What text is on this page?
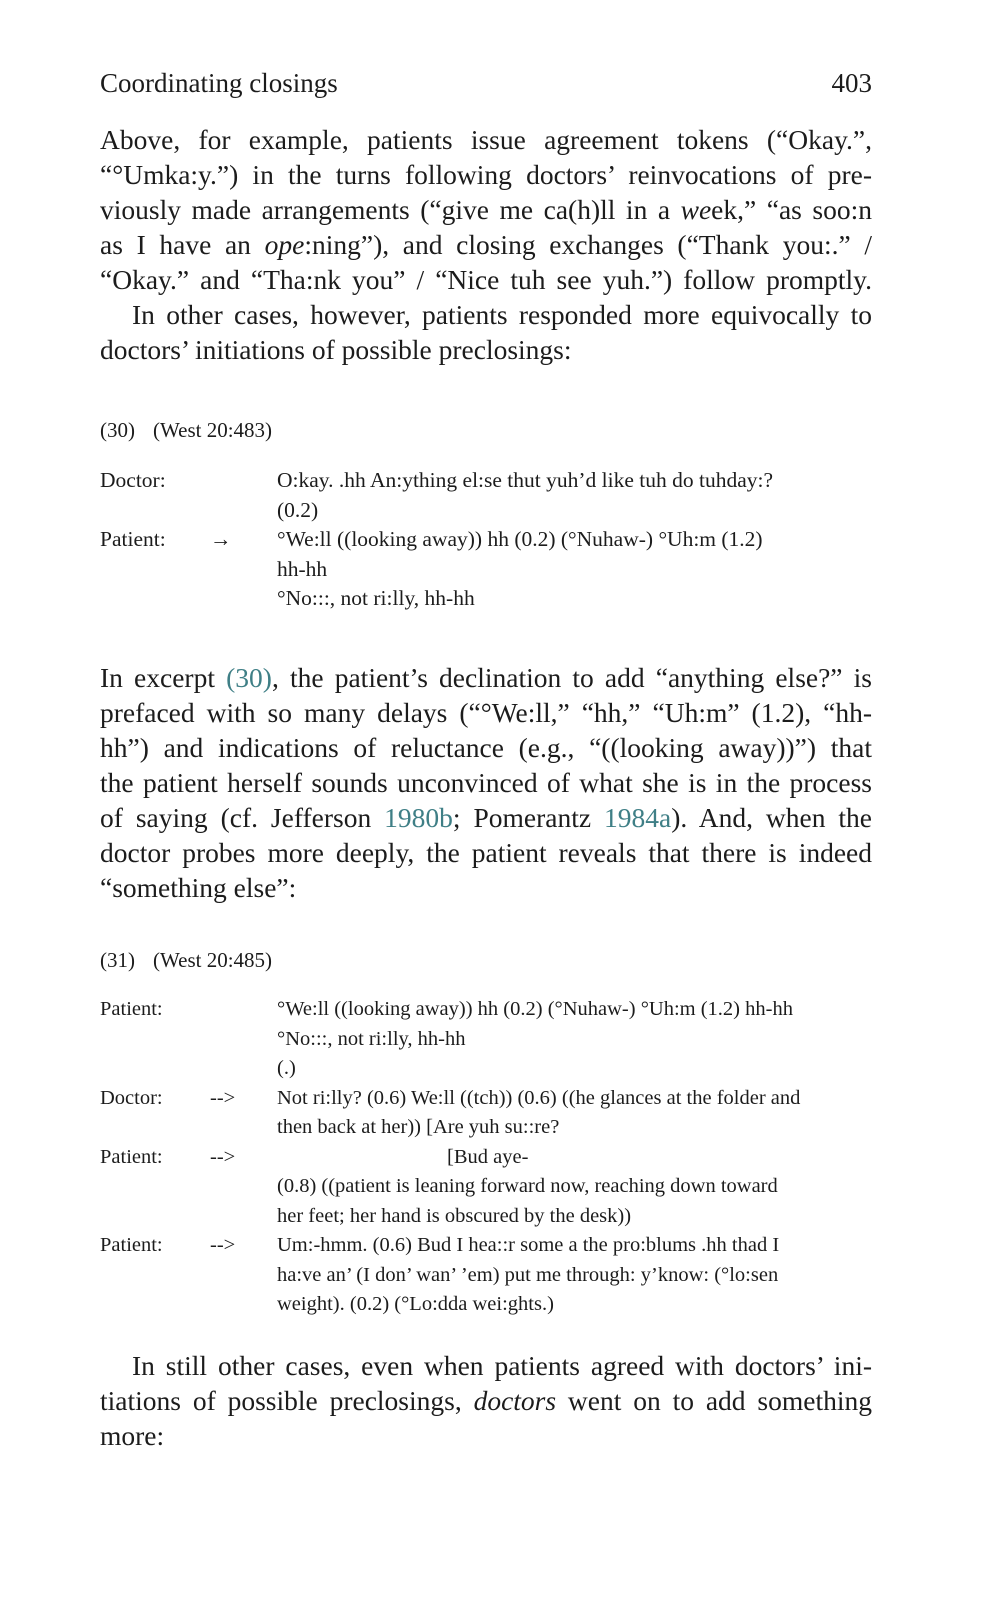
Coordinating closings	403

Above, for example, patients issue agreement tokens (“Okay.”,
“°Umka:y.”) in the turns following doctors’ reinvocations of pre-
viously made arrangements (“give me ca(h)ll in a week,” “as soo:n
as I have an ope:ning”), and closing exchanges (“Thank you:.” /
“Okay.” and “Tha:nk you” / “Nice tuh see yuh.”) follow promptly.
In other cases, however, patients responded more equivocally to
doctors’ initiations of possible preclosings:

(30) (West 20:483)
Doctor:	O:kay. .hh An:ything el:se thut yuh’d like tuh do tuhday:?
(0.2)
Patient: → °We:ll ((looking away)) hh (0.2) (°Nuhaw-) °Uh:m (1.2)
hh-hh
°No:::, not ri:lly, hh-hh

In excerpt (30), the patient’s declination to add “anything else?” is
prefaced with so many delays (“°We:ll,” “hh,” “Uh:m” (1.2), “hh-
hh”) and indications of reluctance (e.g., “((looking away))”) that
the patient herself sounds unconvinced of what she is in the process
of saying (cf. Jefferson 1980b; Pomerantz 1984a). And, when the
doctor probes more deeply, the patient reveals that there is indeed
“something else”:

(31) (West 20:485)
Patient:	°We:ll ((looking away)) hh (0.2) (°Nuhaw-) °Uh:m (1.2) hh-hh
°No:::, not ri:lly, hh-hh
(.)
Doctor: --> Not ri:lly? (0.6) We:ll ((tch)) (0.6) ((he glances at the folder and
then back at her)) [Are yuh su::re?
Patient: -->	[Bud aye-
(0.8) ((patient is leaning forward now, reaching down toward
her feet; her hand is obscured by the desk))
Patient: --> Um:-hmm. (0.6) Bud I hea::r some a the pro:blums .hh thad I
ha:ve an’ (I don’ wan’ ’em) put me through: y’know: (°lo:sen
weight). (0.2) (°Lo:dda wei:ghts.)

In still other cases, even when patients agreed with doctors’ ini-
tiations of possible preclosings, doctors went on to add something
more:
